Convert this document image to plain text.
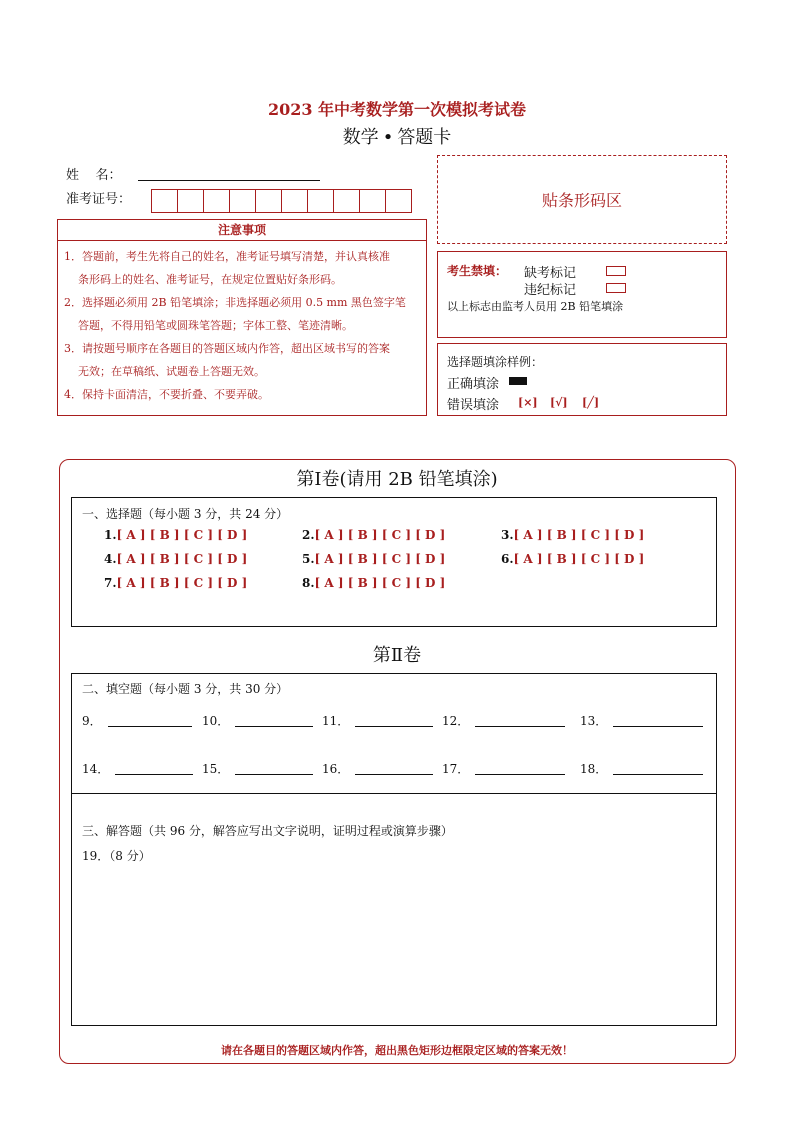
2023 年中考数学第一次模拟考试卷
数学 • 答题卡
姓    名：
准考证号：	贴条形码区
注意事项

1．答题前，考生先将自己的姓名，准考证号填写清楚，并认真核准

条形码上的姓名、准考证号，在规定位置贴好条形码。

2．选择题必须用 2B 铅笔填涂；非选择题必须用 0.5 mm 黑色签字笔

答题，不得用铅笔或圆珠笔答题；字体工整、笔迹清晰。

3．请按题号顺序在各题目的答题区域内作答，超出区域书写的答案

无效；在草稿纸、试题卷上答题无效。

4．保持卡面清洁，不要折叠、不要弄破。

考生禁填： 缺考标记
违纪标记
以上标志由监考人员用 2B 铅笔填涂
选择题填涂样例：
正确填涂
错误填涂 [×] [√] [╱]
第Ⅰ卷(请用 2B 铅笔填涂)
一、选择题（每小题 3 分，共 24 分）
1.[ A ] [ B ] [ C ] [ D ]	2.[ A ] [ B ] [ C ] [ D ]	3.[ A ] [ B ] [ C ] [ D ]
4.[ A ] [ B ] [ C ] [ D ]	5.[ A ] [ B ] [ C ] [ D ]	6.[ A ] [ B ] [ C ] [ D ]
7.[ A ] [ B ] [ C ] [ D ]	8.[ A ] [ B ] [ C ] [ D ]
第Ⅱ卷
二、填空题（每小题 3 分，共 30 分）
9．	10．	11．	12．	13．
14．	15．	16．	17．	18．
三、解答题（共 96 分，解答应写出文字说明，证明过程或演算步骤）
19．（8 分）
请在各题目的答题区域内作答，超出黑色矩形边框限定区域的答案无效！
